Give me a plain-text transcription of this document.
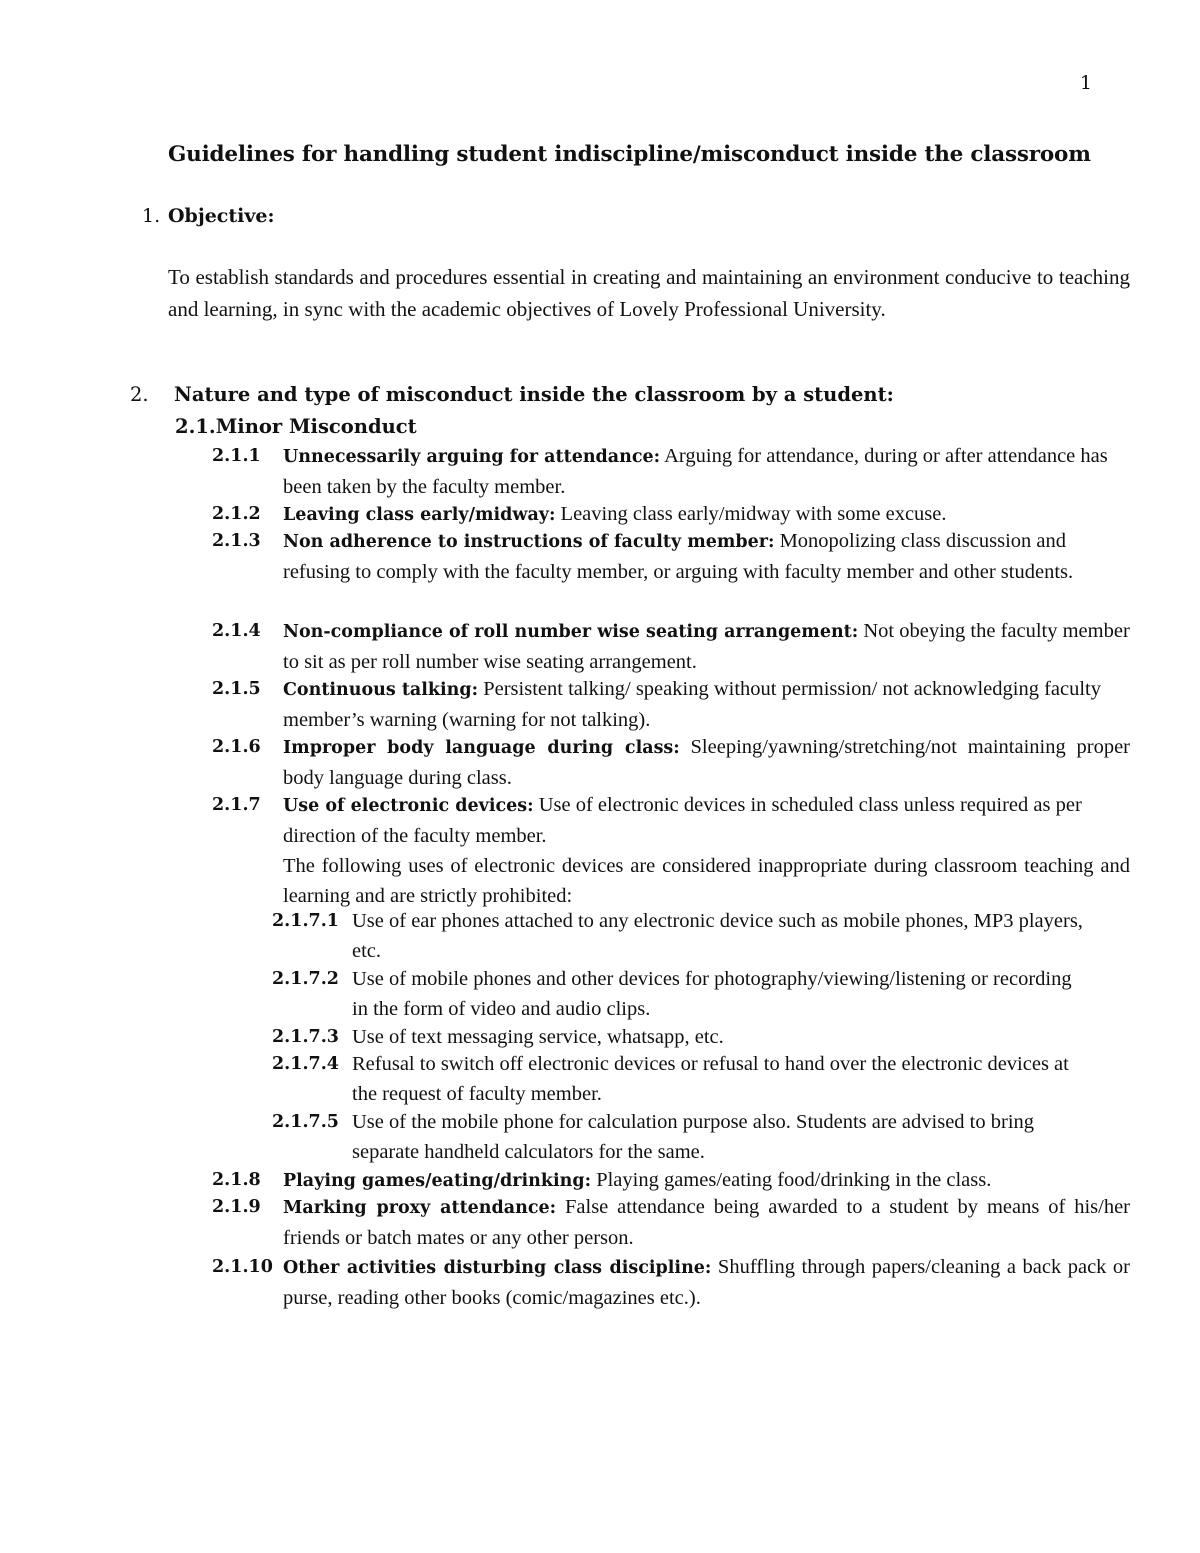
1
Guidelines for handling student indiscipline/misconduct inside the classroom
1. Objective:

To establish standards and procedures essential in creating and maintaining an environment conducive to teaching and learning, in sync with the academic objectives of Lovely Professional University.

2. Nature and type of misconduct inside the classroom by a student:
2.1.Minor Misconduct
2.1.1 Unnecessarily arguing for attendance: Arguing for attendance, during or after attendance has been taken by the faculty member.
2.1.2 Leaving class early/midway: Leaving class early/midway with some excuse.
2.1.3 Non adherence to instructions of faculty member: Monopolizing class discussion and refusing to comply with the faculty member, or arguing with faculty member and other students.
2.1.4 Non-compliance of roll number wise seating arrangement: Not obeying the faculty member to sit as per roll number wise seating arrangement.
2.1.5 Continuous talking: Persistent talking/ speaking without permission/ not acknowledging faculty member’s warning (warning for not talking).
2.1.6 Improper body language during class: Sleeping/yawning/stretching/not maintaining proper body language during class.
2.1.7 Use of electronic devices: Use of electronic devices in scheduled class unless required as per direction of the faculty member.
The following uses of electronic devices are considered inappropriate during classroom teaching and learning and are strictly prohibited:
2.1.7.1 Use of ear phones attached to any electronic device such as mobile phones, MP3 players, etc.
2.1.7.2 Use of mobile phones and other devices for photography/viewing/listening or recording in the form of video and audio clips.
2.1.7.3 Use of text messaging service, whatsapp, etc.
2.1.7.4 Refusal to switch off electronic devices or refusal to hand over the electronic devices at the request of faculty member.
2.1.7.5 Use of the mobile phone for calculation purpose also. Students are advised to bring separate handheld calculators for the same.
2.1.8 Playing games/eating/drinking: Playing games/eating food/drinking in the class.
2.1.9 Marking proxy attendance: False attendance being awarded to a student by means of his/her friends or batch mates or any other person.
2.1.10 Other activities disturbing class discipline: Shuffling through papers/cleaning a back pack or purse, reading other books (comic/magazines etc.).
